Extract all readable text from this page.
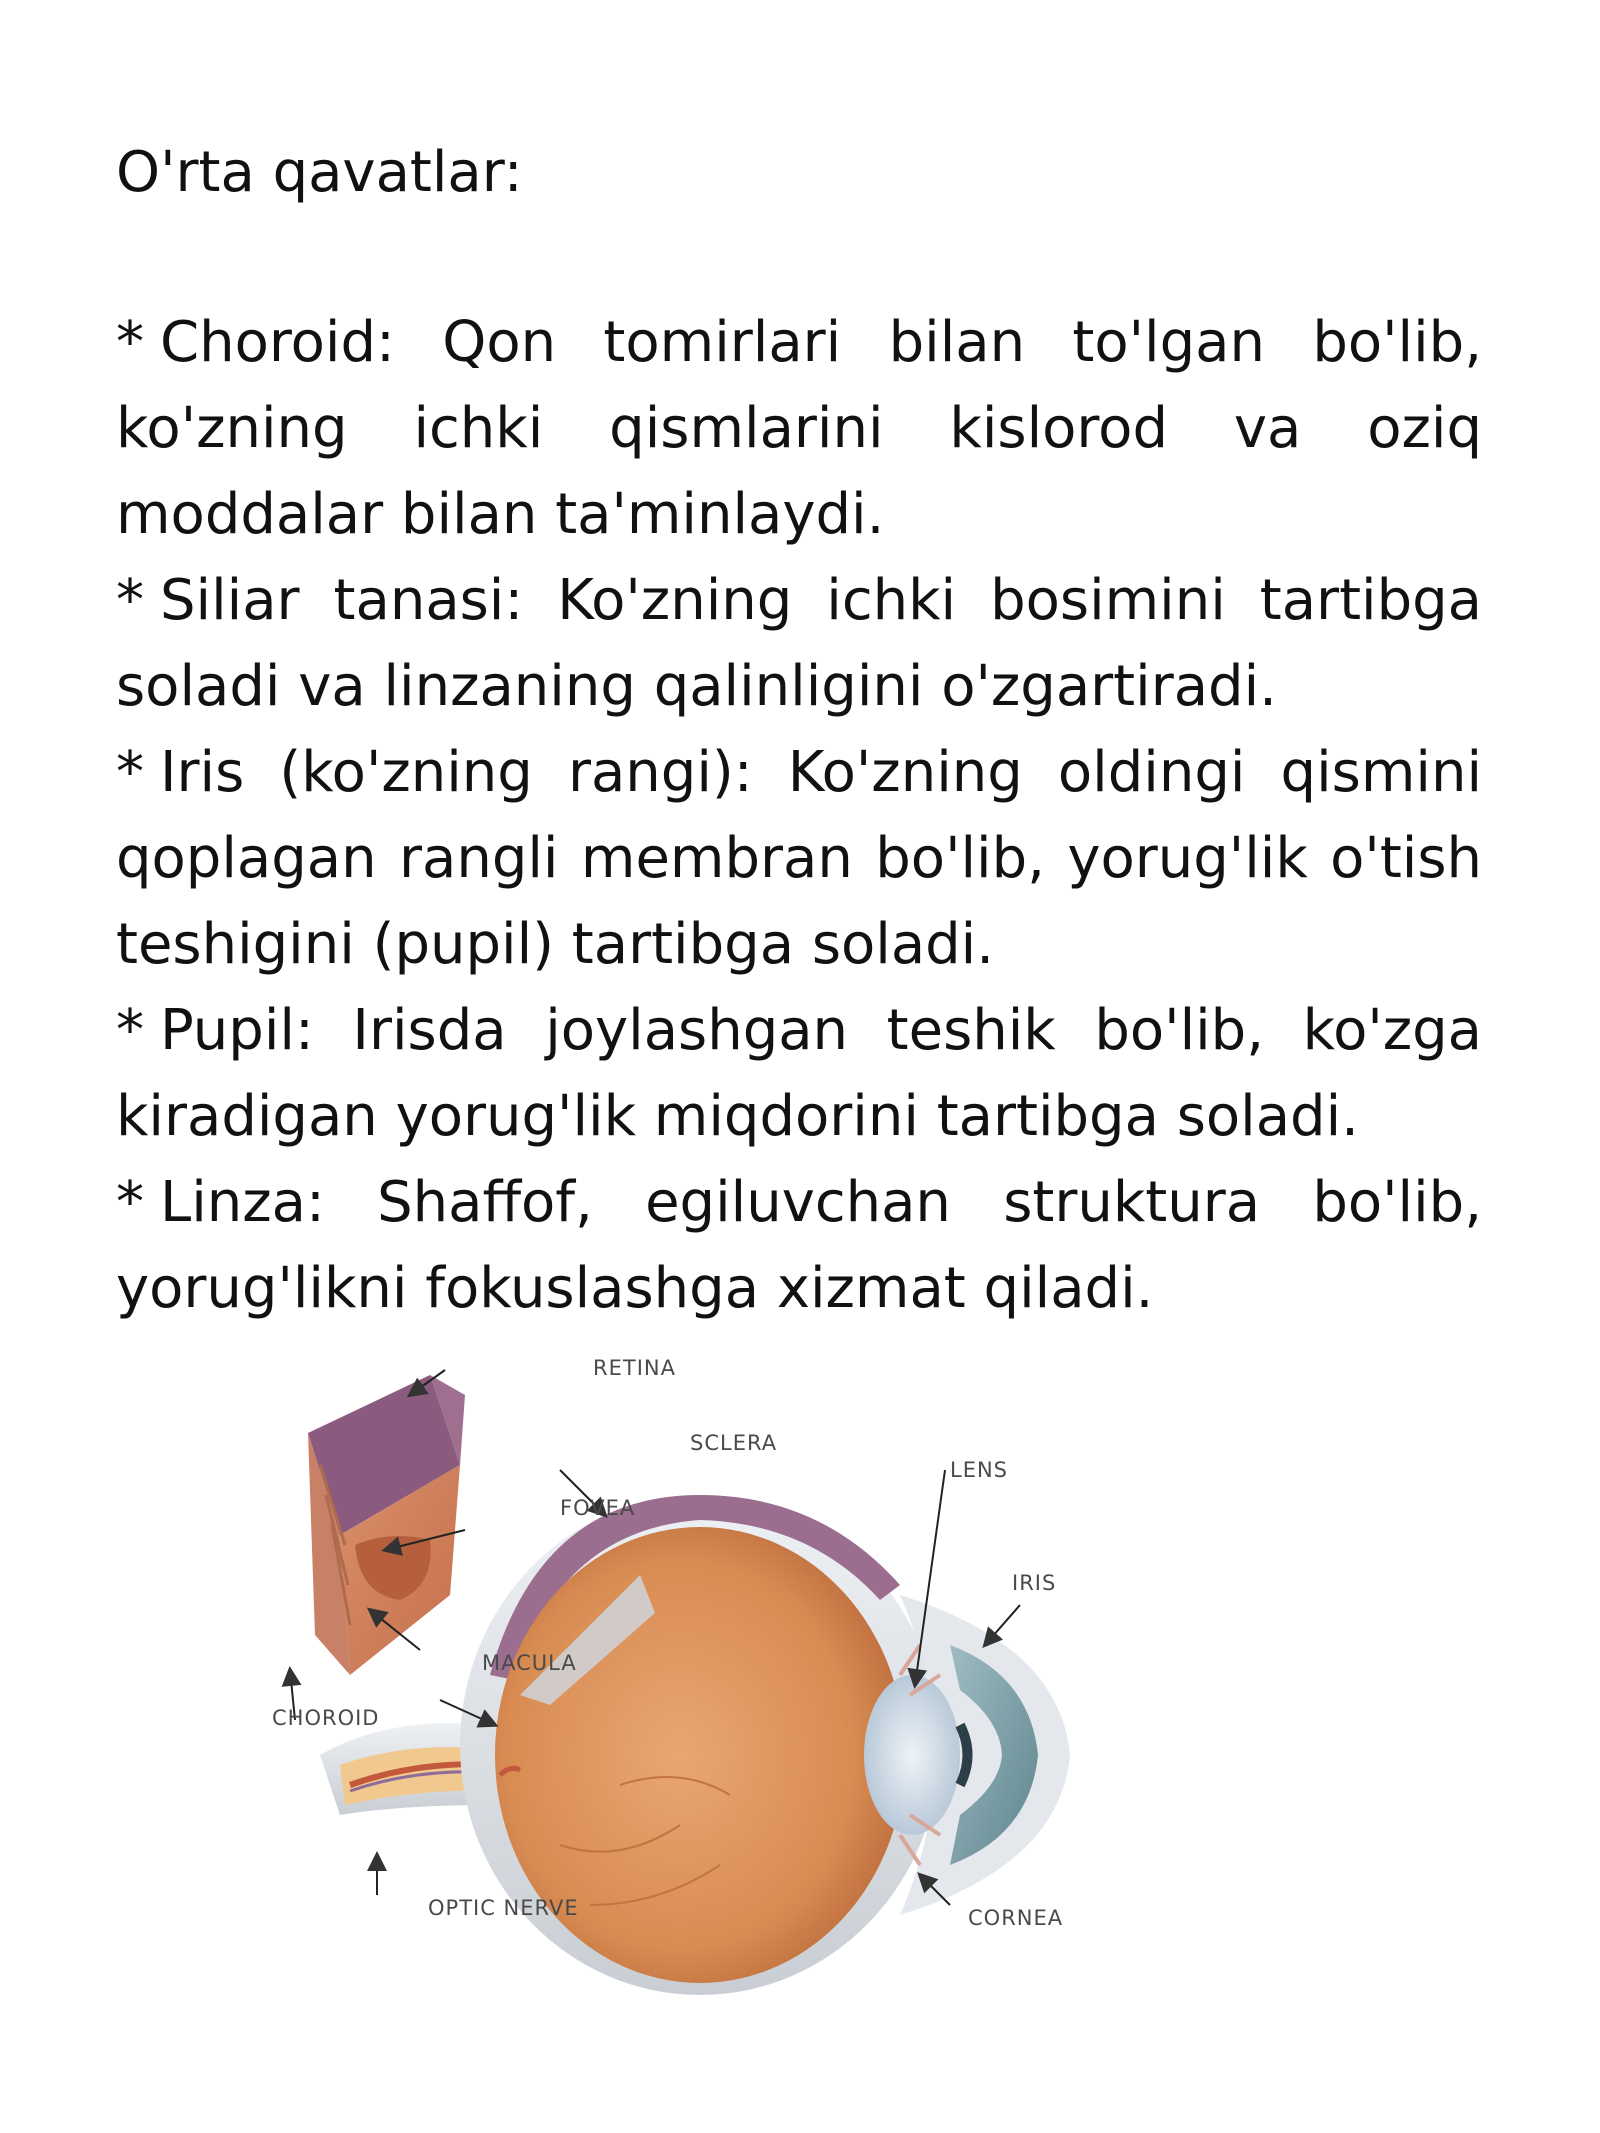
O'rta qavatlar:

* Choroid: Qon tomirlari bilan to'lgan bo'lib, ko'zning ichki qismlarini kislorod va oziq moddalar bilan ta'minlaydi.

* Siliar tanasi: Ko'zning ichki bosimini tartibga soladi va linzaning qalinligini o'zgartiradi.

* Iris (ko'zning rangi): Ko'zning oldingi qismini qoplagan rangli membran bo'lib, yorug'lik o'tish teshigini (pupil) tartibga soladi.

* Pupil: Irisda joylashgan teshik bo'lib, ko'zga kiradigan yorug'lik miqdorini tartibga soladi.

* Linza: Shaffof, egiluvchan struktura bo'lib, yorug'likni fokuslashga xizmat qiladi.

RETINA
SCLERA
FOVEA
LENS
IRIS
MACULA
CHOROID
OPTIC NERVE	CORNEA
